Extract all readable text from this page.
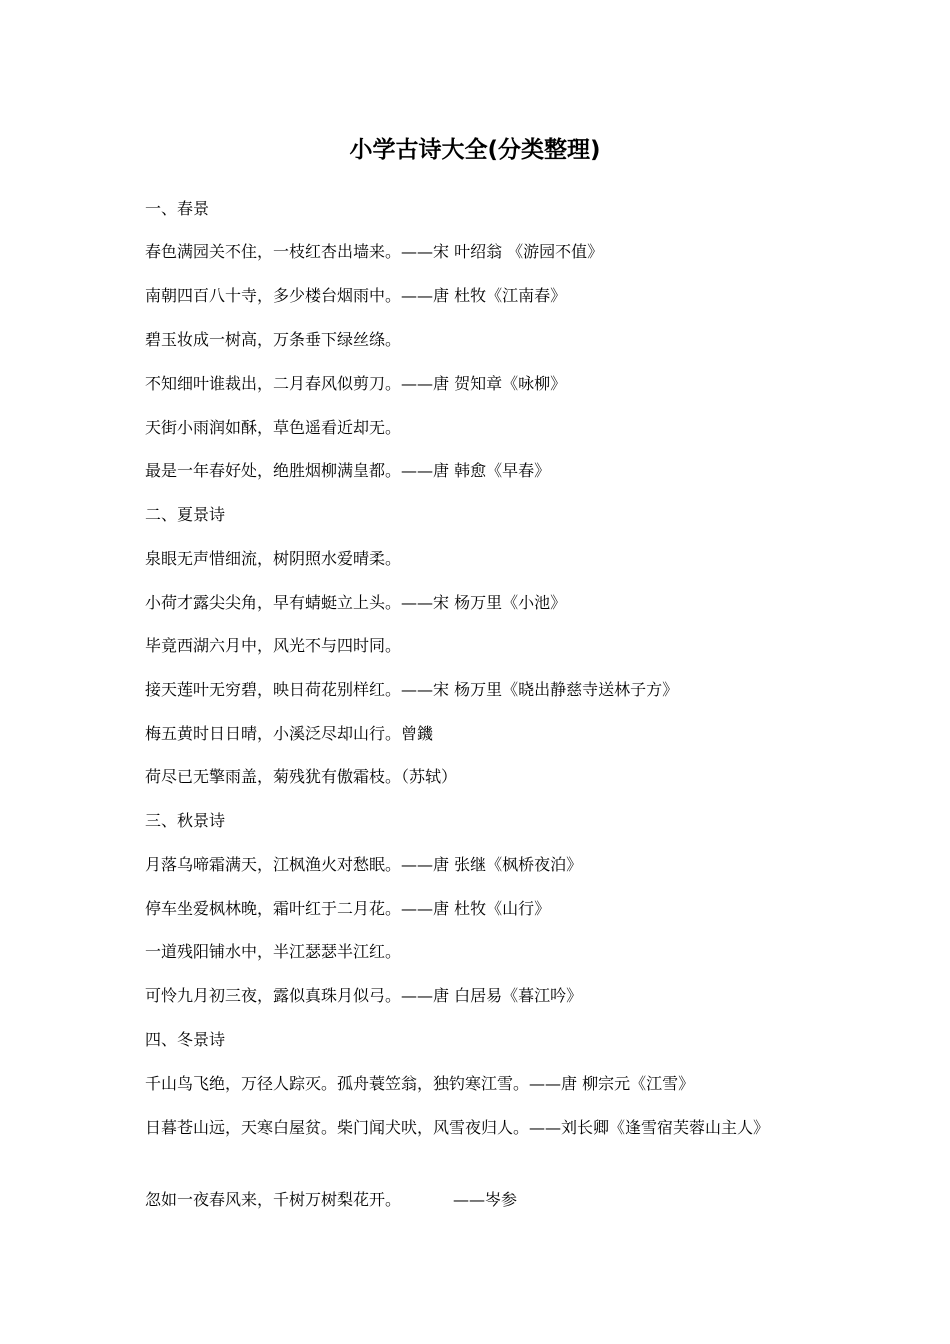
小学古诗大全(分类整理)

一、春景

春色满园关不住，一枝红杏出墙来。——宋 叶绍翁 《游园不值》

南朝四百八十寺，多少楼台烟雨中。——唐 杜牧《江南春》

碧玉妆成一树高，万条垂下绿丝绦。

不知细叶谁裁出，二月春风似剪刀。——唐 贺知章《咏柳》

天街小雨润如酥，草色遥看近却无。

最是一年春好处，绝胜烟柳满皇都。——唐 韩愈《早春》

二、夏景诗

泉眼无声惜细流，树阴照水爱晴柔。

小荷才露尖尖角，早有蜻蜓立上头。——宋 杨万里《小池》

毕竟西湖六月中，风光不与四时同。

接天莲叶无穷碧，映日荷花别样红。——宋 杨万里《晓出静慈寺送林子方》

梅五黄时日日晴，小溪泛尽却山行。曾鐖

荷尽已无擎雨盖，菊残犹有傲霜枝。（苏轼）

三、秋景诗

月落乌啼霜满天，江枫渔火对愁眠。——唐 张继《枫桥夜泊》

停车坐爱枫林晚，霜叶红于二月花。——唐 杜牧《山行》

一道残阳铺水中，半江瑟瑟半江红。

可怜九月初三夜，露似真珠月似弓。——唐 白居易《暮江吟》

四、冬景诗

千山鸟飞绝，万径人踪灭。孤舟蓑笠翁，独钓寒江雪。——唐 柳宗元《江雪》

日暮苍山远，天寒白屋贫。柴门闻犬吠，风雪夜归人。——刘长卿《逢雪宿芙蓉山主人》

忽如一夜春风来，千树万树梨花开。	——岑参
